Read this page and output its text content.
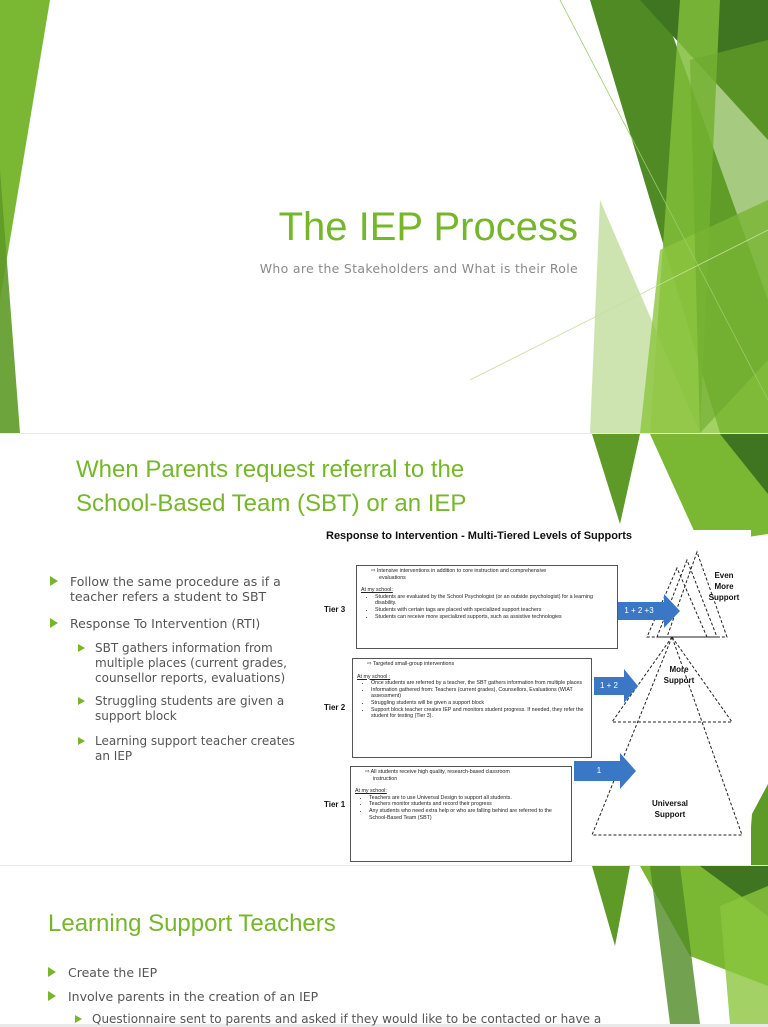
The IEP Process
Who are the Stakeholders and What is their Role
When Parents request referral to the
School-Based Team (SBT) or an IEP
Follow the same procedure as if a
teacher refers a student to SBT
Response To Intervention (RTI)
SBT gathers information from
multiple places (current grades,
counsellor reports, evaluations)
Struggling students are given a
support block
Learning support teacher creates
an IEP
Response to Intervention - Multi-Tiered Levels of Supports
1 + 2 +3
1 + 2
1
Even More Support
More Support
Universal Support
Tier 3
Tier 2
Tier 1
⇨ Intensive interventions in addition to core instruction and comprehensive
evaluations
At my school:
• Students are evaluated by the School Psychologist (or an outside psychologist) for a learning disability.
• Students with certain tags are placed with specialized support teachers
• Students can receive more specialized supports, such as assistive technologies
⇨ Targeted small-group interventions
At my school :
• Once students are referred by a teacher, the SBT gathers information from multiple places
• Information gathered from: Teachers (current grades), Counsellors, Evaluations (WIAT assessment)
• Struggling students will be given a support block
• Support block teacher creates IEP and monitors student progress. If needed, they refer the student for testing (Tier 3).
⇨ All students receive high quality, research-based classroom
instruction
At my school:
• Teachers are to use Universal Design to support all students.
• Teachers monitor students and record their progress
• Any students who need extra help or who are falling behind are referred to the School-Based Team (SBT)
Learning Support Teachers
Create the IEP
Involve parents in the creation of an IEP
Questionnaire sent to parents and asked if they would like to be contacted or have a
